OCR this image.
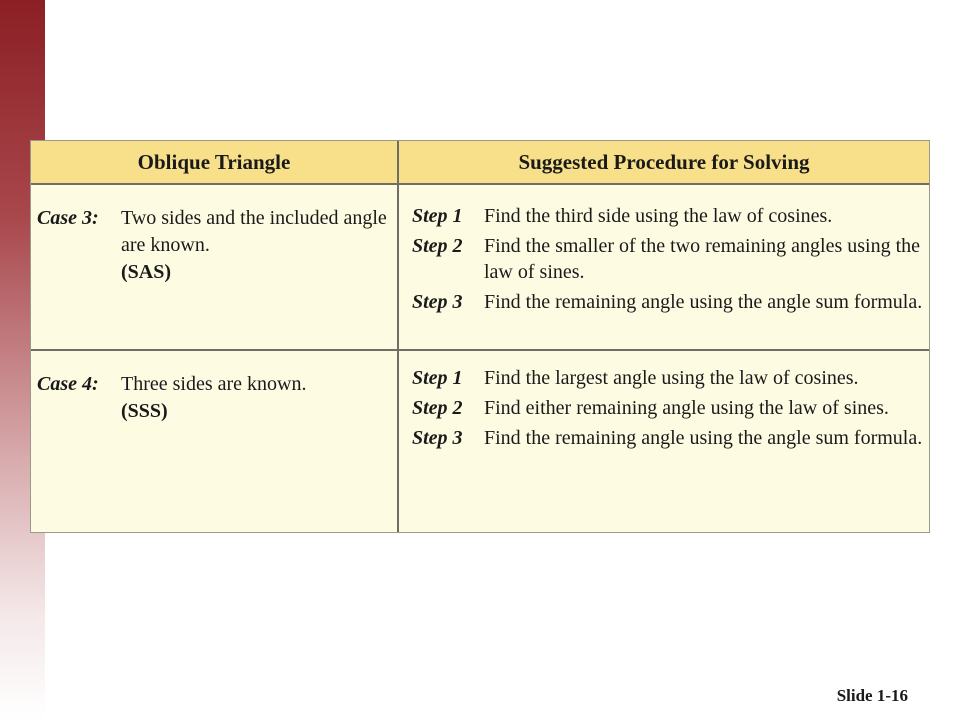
Oblique Triangle	Suggested Procedure for Solving
Case 3: Two sides and the included angle are known.
(SAS)
Step 1 Find the third side using the law of cosines.
Step 2 Find the smaller of the two remaining angles using the law of sines.
Step 3 Find the remaining angle using the angle sum formula.
Case 4: Three sides are known.
(SSS)
Step 1 Find the largest angle using the law of cosines.
Step 2 Find either remaining angle using the law of sines.
Step 3 Find the remaining angle using the angle sum formula.
Slide 1-16
